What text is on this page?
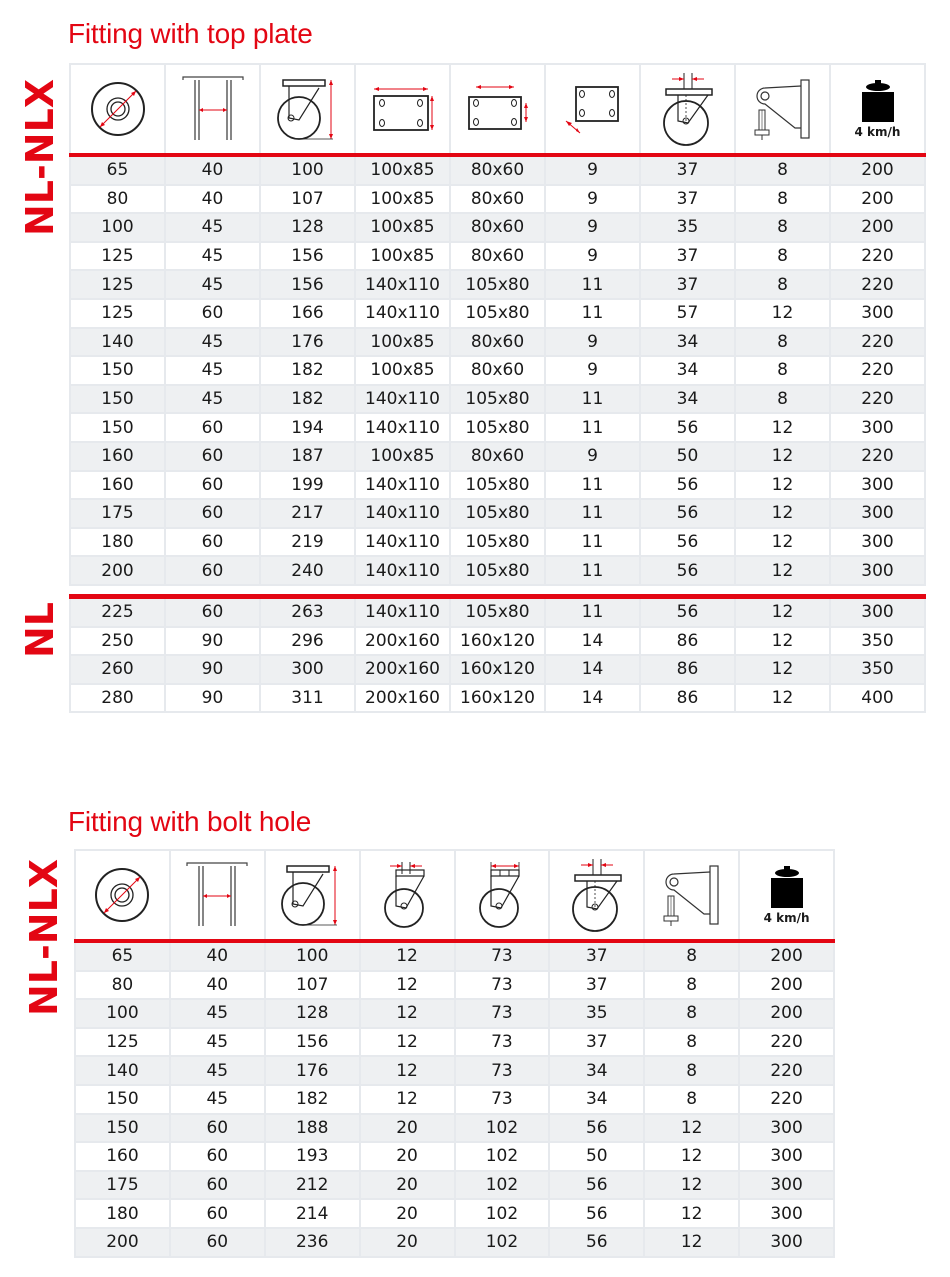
Fitting with top plate
NL-NLX
NL

4 km/h

65	40	100	100x85	80x60	9	37	8	200
80	40	107	100x85	80x60	9	37	8	200
100	45	128	100x85	80x60	9	35	8	200
125	45	156	100x85	80x60	9	37	8	220
125	45	156	140x110	105x80	11	37	8	220
125	60	166	140x110	105x80	11	57	12	300
140	45	176	100x85	80x60	9	34	8	220
150	45	182	100x85	80x60	9	34	8	220
150	45	182	140x110	105x80	11	34	8	220
150	60	194	140x110	105x80	11	56	12	300
160	60	187	100x85	80x60	9	50	12	220
160	60	199	140x110	105x80	11	56	12	300
175	60	217	140x110	105x80	11	56	12	300
180	60	219	140x110	105x80	11	56	12	300
200	60	240	140x110	105x80	11	56	12	300

225	60	263	140x110	105x80	11	56	12	300
250	90	296	200x160	160x120	14	86	12	350
260	90	300	200x160	160x120	14	86	12	350
280	90	311	200x160	160x120	14	86	12	400
Fitting with bolt hole
NL-NLX

		4 km/h

65	40	100	12	73	37	8	200
80	40	107	12	73	37	8	200
100	45	128	12	73	35	8	200
125	45	156	12	73	37	8	220
140	45	176	12	73	34	8	220
150	45	182	12	73	34	8	220
150	60	188	20	102	56	12	300
160	60	193	20	102	50	12	300
175	60	212	20	102	56	12	300
180	60	214	20	102	56	12	300
200	60	236	20	102	56	12	300
